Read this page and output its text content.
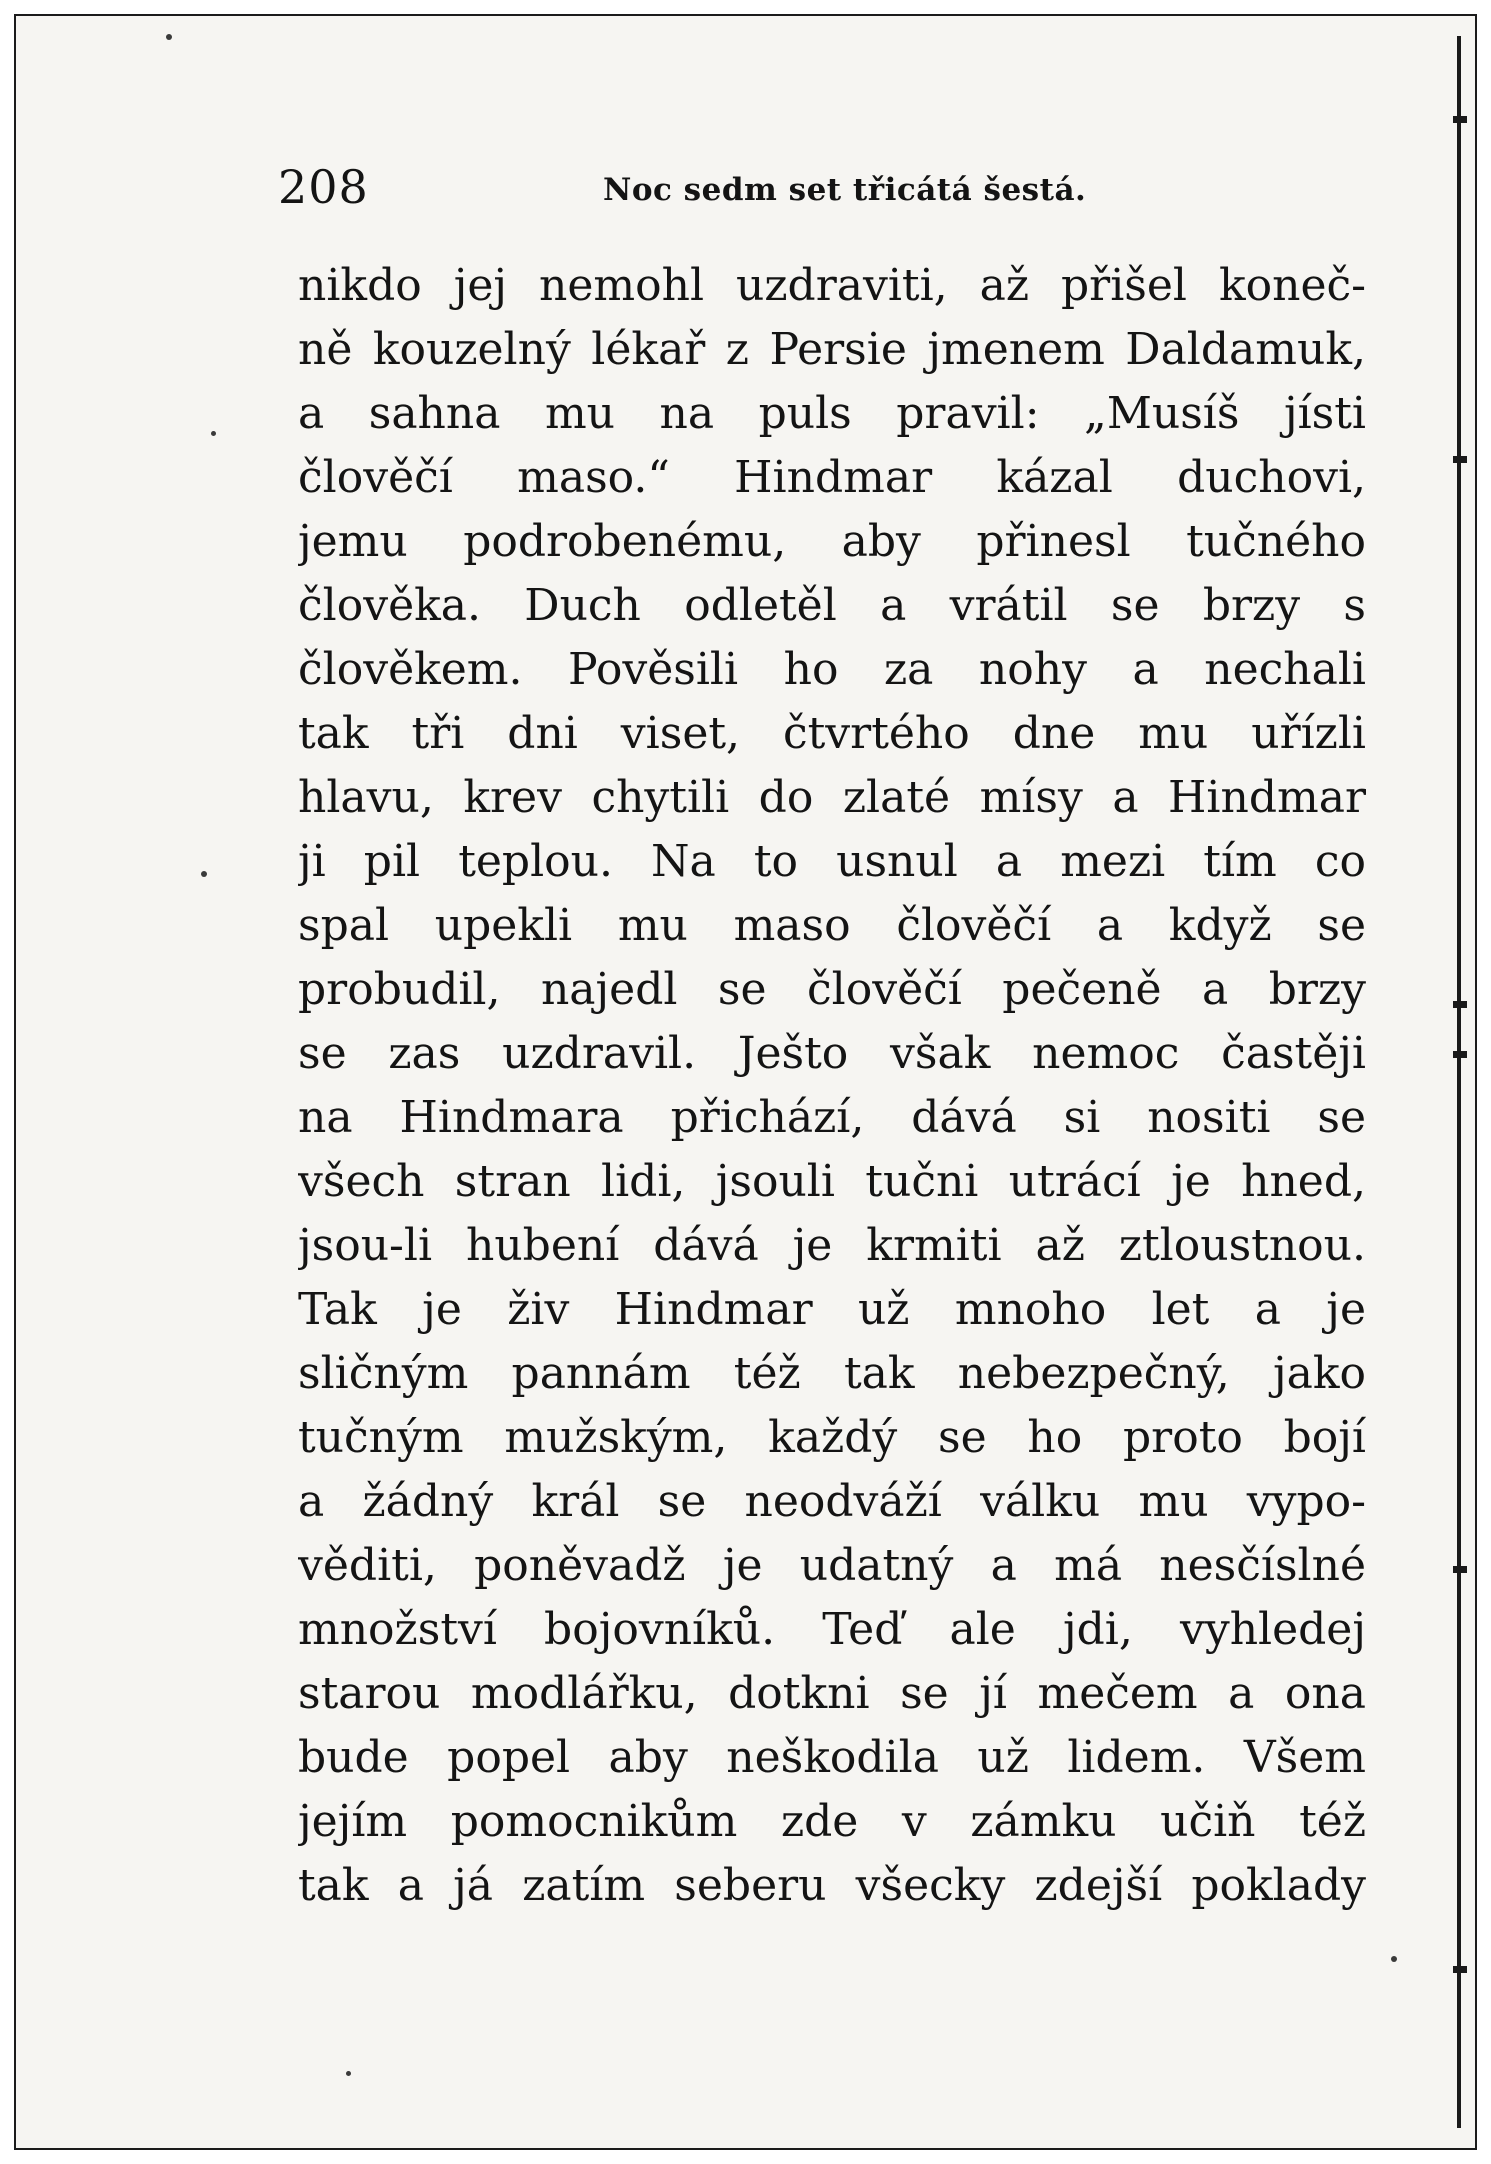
208	Noc sedm set třicátá šestá.
nikdo jej nemohl uzdraviti, až přišel koneč-
ně kouzelný lékař z Persie jmenem Daldamuk,
a sahna mu na puls pravil: „Musíš jísti
člověčí maso.“ Hindmar kázal duchovi,
jemu podrobenému, aby přinesl tučného
člověka. Duch odletěl a vrátil se brzy s
člověkem. Pověsili ho za nohy a nechali
tak tři dni viset, čtvrtého dne mu uřízli
hlavu, krev chytili do zlaté mísy a Hindmar
ji pil teplou. Na to usnul a mezi tím co
spal upekli mu maso člověčí a když se
probudil, najedl se člověčí pečeně a brzy
se zas uzdravil. Ješto však nemoc častěji
na Hindmara přichází, dává si nositi se
všech stran lidi, jsouli tučni utrácí je hned,
jsou-li hubení dává je krmiti až ztloustnou.
Tak je živ Hindmar už mnoho let a je
sličným pannám též tak nebezpečný, jako
tučným mužským, každý se ho proto bojí
a žádný král se neodváží válku mu vypo-
věditi, poněvadž je udatný a má nesčíslné
množství bojovníků. Teď ale jdi, vyhledej
starou modlářku, dotkni se jí mečem a ona
bude popel aby neškodila už lidem. Všem
jejím pomocnikům zde v zámku učiň též
tak a já zatím seberu všecky zdejší poklady
